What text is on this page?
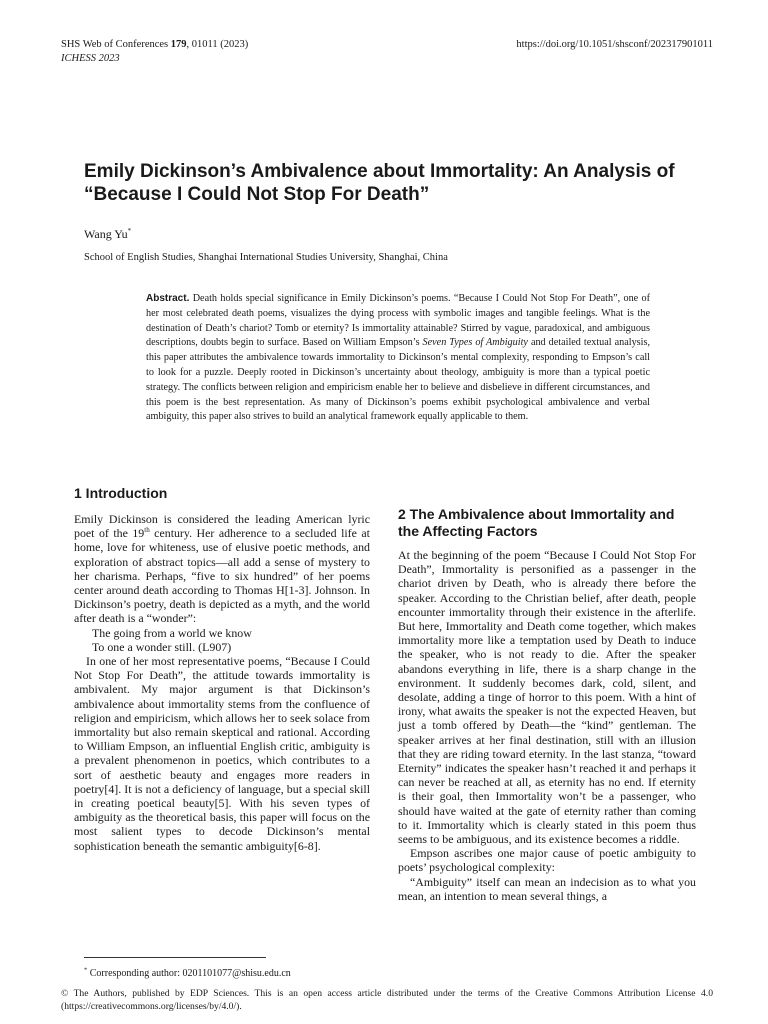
SHS Web of Conferences 179, 01011 (2023)	https://doi.org/10.1051/shsconf/202317901011
ICHESS 2023
Emily Dickinson’s Ambivalence about Immortality: An Analysis of “Because I Could Not Stop For Death”
Wang Yu*
School of English Studies, Shanghai International Studies University, Shanghai, China
Abstract. Death holds special significance in Emily Dickinson’s poems. “Because I Could Not Stop For Death”, one of her most celebrated death poems, visualizes the dying process with symbolic images and tangible feelings. What is the destination of Death’s chariot? Tomb or eternity? Is immortality attainable? Stirred by vague, paradoxical, and ambiguous descriptions, doubts begin to surface. Based on William Empson’s Seven Types of Ambiguity and detailed textual analysis, this paper attributes the ambivalence towards immortality to Dickinson’s mental complexity, responding to Empson’s call to look for a puzzle. Deeply rooted in Dickinson’s uncertainty about theology, ambiguity is more than a typical poetic strategy. The conflicts between religion and empiricism enable her to believe and disbelieve in different circumstances, and this poem is the best representation. As many of Dickinson’s poems exhibit psychological ambivalence and verbal ambiguity, this paper also strives to build an analytical framework equally applicable to them.
1 Introduction

Emily Dickinson is considered the leading American lyric poet of the 19th century. Her adherence to a secluded life at home, love for whiteness, use of elusive poetic methods, and exploration of abstract topics—all add a sense of mystery to her charisma. Perhaps, “five to six hundred” of her poems center around death according to Thomas H[1-3]. Johnson. In Dickinson’s poetry, death is depicted as a myth, and the world after death is a “wonder”:

The going from a world we know

To one a wonder still. (L907)

In one of her most representative poems, “Because I Could Not Stop For Death”, the attitude towards immortality is ambivalent. My major argument is that Dickinson’s ambivalence about immortality stems from the confluence of religion and empiricism, which allows her to seek solace from immortality but also remain skeptical and rational. According to William Empson, an influential English critic, ambiguity is a prevalent phenomenon in poetics, which contributes to a sort of aesthetic beauty and engages more readers in poetry[4]. It is not a deficiency of language, but a special skill in creating poetical beauty[5]. With his seven types of ambiguity as the theoretical basis, this paper will focus on the most salient types to decode Dickinson’s mental sophistication beneath the semantic ambiguity[6-8].

2 The Ambivalence about Immortality and the Affecting Factors

At the beginning of the poem “Because I Could Not Stop For Death”, Immortality is personified as a passenger in the chariot driven by Death, who is already there before the speaker. According to the Christian belief, after death, people encounter immortality through their existence in the afterlife. But here, Immortality and Death come together, which makes immortality more like a temptation used by Death to induce the speaker, who is not ready to die. After the speaker abandons everything in life, there is a sharp change in the environment. It suddenly becomes dark, cold, silent, and desolate, adding a tinge of horror to this poem. With a hint of irony, what awaits the speaker is not the expected Heaven, but just a tomb offered by Death—the “kind” gentleman. The speaker arrives at her final destination, still with an illusion that they are riding toward eternity. In the last stanza, “toward Eternity” indicates the speaker hasn’t reached it and perhaps it can never be reached at all, as eternity has no end. If eternity is their goal, then Immortality won’t be a passenger, who should have waited at the gate of eternity rather than coming to it. Immortality which is clearly stated in this poem thus seems to be ambiguous, and its existence becomes a riddle.

Empson ascribes one major cause of poetic ambiguity to poets’ psychological complexity:

“Ambiguity” itself can mean an indecision as to what you mean, an intention to mean several things, a

* Corresponding author: 0201101077@shisu.edu.cn
© The Authors, published by EDP Sciences. This is an open access article distributed under the terms of the Creative Commons Attribution License 4.0 (https://creativecommons.org/licenses/by/4.0/).
